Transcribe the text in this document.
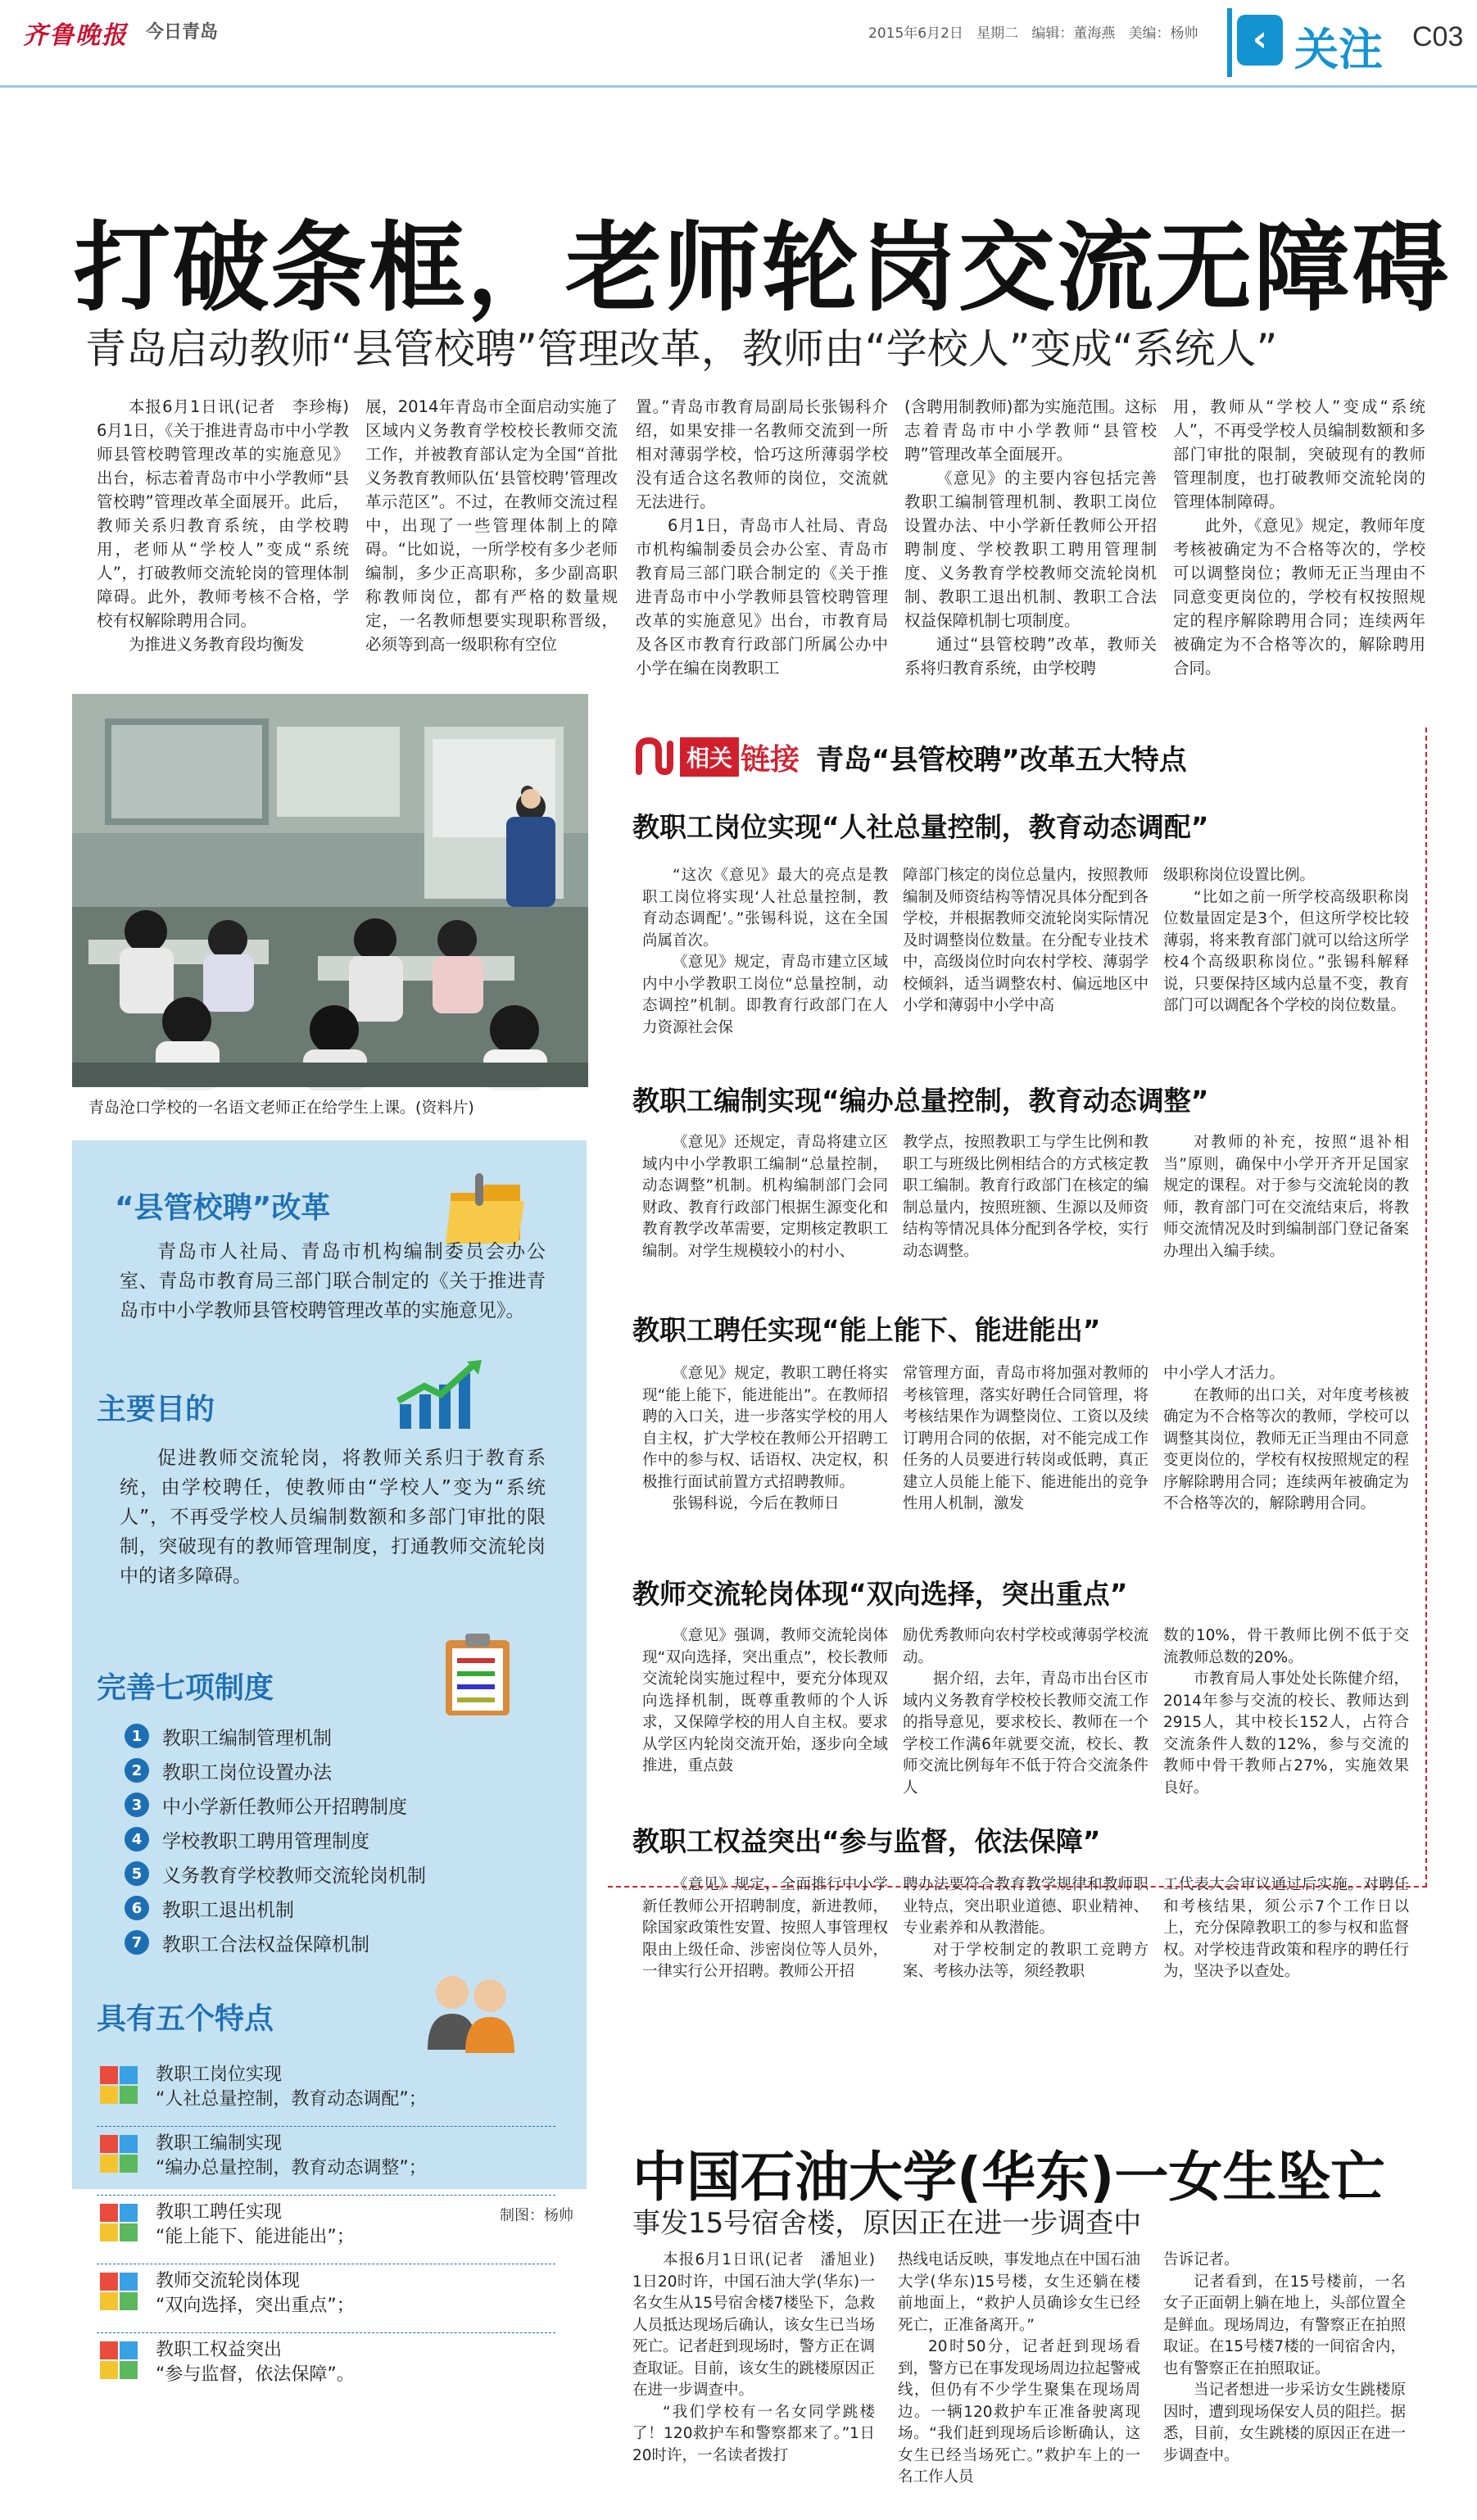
齐鲁晚报 今日青岛	2015年6月2日 星期二 编辑：董海燕 美编：杨帅	‹ 关注 C03
打破条框，老师轮岗交流无障碍
青岛启动教师“县管校聘”管理改革，教师由“学校人”变成“系统人”

本报6月1日讯(记者　李珍梅)　6月1日，《关于推进青岛市中小学教师县管校聘管理改革的实施意见》出台，标志着青岛市中小学教师“县管校聘”管理改革全面展开。此后，教师关系归教育系统，由学校聘用，老师从“学校人”变成“系统人”，打破教师交流轮岗的管理体制障碍。此外，教师考核不合格，学校有权解除聘用合同。

为推进义务教育段均衡发

展，2014年青岛市全面启动实施了区域内义务教育学校校长教师交流工作，并被教育部认定为全国“首批义务教育教师队伍‘县管校聘’管理改革示范区”。不过，在教师交流过程中，出现了一些管理体制上的障碍。“比如说，一所学校有多少老师编制，多少正高职称，多少副高职称教师岗位，都有严格的数量规定，一名教师想要实现职称晋级，必须等到高一级职称有空位

置。”青岛市教育局副局长张锡科介绍，如果安排一名教师交流到一所相对薄弱学校，恰巧这所薄弱学校没有适合这名教师的岗位，交流就无法进行。

6月1日，青岛市人社局、青岛市机构编制委员会办公室、青岛市教育局三部门联合制定的《关于推进青岛市中小学教师县管校聘管理改革的实施意见》出台，市教育局及各区市教育行政部门所属公办中小学在编在岗教职工

(含聘用制教师)都为实施范围。这标志着青岛市中小学教师“县管校聘”管理改革全面展开。

《意见》的主要内容包括完善教职工编制管理机制、教职工岗位设置办法、中小学新任教师公开招聘制度、学校教职工聘用管理制度、义务教育学校教师交流轮岗机制、教职工退出机制、教职工合法权益保障机制七项制度。

通过“县管校聘”改革，教师关系将归教育系统，由学校聘

用，教师从“学校人”变成“系统人”，不再受学校人员编制数额和多部门审批的限制，突破现有的教师管理制度，也打破教师交流轮岗的管理体制障碍。

此外，《意见》规定，教师年度考核被确定为不合格等次的，学校可以调整岗位；教师无正当理由不同意变更岗位的，学校有权按照规定的程序解除聘用合同；连续两年被确定为不合格等次的，解除聘用合同。

青岛沧口学校的一名语文老师正在给学生上课。(资料片)
“县管校聘”改革
青岛市人社局、青岛市机构编制委员会办公室、青岛市教育局三部门联合制定的《关于推进青岛市中小学教师县管校聘管理改革的实施意见》。
主要目的
促进教师交流轮岗，将教师关系归于教育系统，由学校聘任，使教师由“学校人”变为“系统人”，不再受学校人员编制数额和多部门审批的限制，突破现有的教师管理制度，打通教师交流轮岗中的诸多障碍。
完善七项制度
1	教职工编制管理机制
2	教职工岗位设置办法
3	中小学新任教师公开招聘制度
4	学校教职工聘用管理制度
5	义务教育学校教师交流轮岗机制
6	教职工退出机制
7	教职工合法权益保障机制
具有五个特点
教职工岗位实现
“人社总量控制，教育动态调配”；
教职工编制实现
“编办总量控制，教育动态调整”；
教职工聘任实现
“能上能下、能进能出”；
教师交流轮岗体现
“双向选择，突出重点”；
教职工权益突出
“参与监督，依法保障”。
制图：杨帅
相关 链接 青岛“县管校聘”改革五大特点
教职工岗位实现“人社总量控制，教育动态调配”

“这次《意见》最大的亮点是教职工岗位将实现‘人社总量控制，教育动态调配’。”张锡科说，这在全国尚属首次。

《意见》规定，青岛市建立区域内中小学教职工岗位“总量控制，动态调控”机制。即教育行政部门在人力资源社会保

障部门核定的岗位总量内，按照教师编制及师资结构等情况具体分配到各学校，并根据教师交流轮岗实际情况及时调整岗位数量。在分配专业技术中，高级岗位时向农村学校、薄弱学校倾斜，适当调整农村、偏远地区中小学和薄弱中小学中高

级职称岗位设置比例。

“比如之前一所学校高级职称岗位数量固定是3个，但这所学校比较薄弱，将来教育部门就可以给这所学校4个高级职称岗位。”张锡科解释说，只要保持区域内总量不变，教育部门可以调配各个学校的岗位数量。

教职工编制实现“编办总量控制，教育动态调整”

《意见》还规定，青岛将建立区域内中小学教职工编制“总量控制，动态调整”机制。机构编制部门会同财政、教育行政部门根据生源变化和教育教学改革需要，定期核定教职工编制。对学生规模较小的村小、

教学点，按照教职工与学生比例和教职工与班级比例相结合的方式核定教职工编制。教育行政部门在核定的编制总量内，按照班额、生源以及师资结构等情况具体分配到各学校，实行动态调整。

对教师的补充，按照“退补相当”原则，确保中小学开齐开足国家规定的课程。对于参与交流轮岗的教师，教育部门可在交流结束后，将教师交流情况及时到编制部门登记备案办理出入编手续。

教职工聘任实现“能上能下、能进能出”

《意见》规定，教职工聘任将实现“能上能下，能进能出”。在教师招聘的入口关，进一步落实学校的用人自主权，扩大学校在教师公开招聘工作中的参与权、话语权、决定权，积极推行面试前置方式招聘教师。

张锡科说，今后在教师日

常管理方面，青岛市将加强对教师的考核管理，落实好聘任合同管理，将考核结果作为调整岗位、工资以及续订聘用合同的依据，对不能完成工作任务的人员要进行转岗或低聘，真正建立人员能上能下、能进能出的竞争性用人机制，激发

中小学人才活力。

在教师的出口关，对年度考核被确定为不合格等次的教师，学校可以调整其岗位，教师无正当理由不同意变更岗位的，学校有权按照规定的程序解除聘用合同；连续两年被确定为不合格等次的，解除聘用合同。

教师交流轮岗体现“双向选择，突出重点”

《意见》强调，教师交流轮岗体现“双向选择，突出重点”，校长教师交流轮岗实施过程中，要充分体现双向选择机制，既尊重教师的个人诉求，又保障学校的用人自主权。要求从学区内轮岗交流开始，逐步向全域推进，重点鼓

励优秀教师向农村学校或薄弱学校流动。

据介绍，去年，青岛市出台区市域内义务教育学校校长教师交流工作的指导意见，要求校长、教师在一个学校工作满6年就要交流，校长、教师交流比例每年不低于符合交流条件人

数的10%，骨干教师比例不低于交流教师总数的20%。

市教育局人事处处长陈健介绍，2014年参与交流的校长、教师达到2915人，其中校长152人，占符合交流条件人数的12%，参与交流的教师中骨干教师占27%，实施效果良好。

教职工权益突出“参与监督，依法保障”

《意见》规定，全面推行中小学新任教师公开招聘制度，新进教师，除国家政策性安置、按照人事管理权限由上级任命、涉密岗位等人员外，一律实行公开招聘。教师公开招

聘办法要符合教育教学规律和教师职业特点，突出职业道德、职业精神、专业素养和从教潜能。

对于学校制定的教职工竞聘方案、考核办法等，须经教职

工代表大会审议通过后实施。对聘任和考核结果，须公示7个工作日以上，充分保障教职工的参与权和监督权。对学校违背政策和程序的聘任行为，坚决予以查处。

中国石油大学(华东)一女生坠亡
事发15号宿舍楼，原因正在进一步调查中

本报6月1日讯(记者　潘旭业)　1日20时许，中国石油大学(华东)一名女生从15号宿舍楼7楼坠下，急救人员抵达现场后确认，该女生已当场死亡。记者赶到现场时，警方正在调查取证。目前，该女生的跳楼原因正在进一步调查中。

“我们学校有一名女同学跳楼了！120救护车和警察都来了。”1日20时许，一名读者拨打

热线电话反映，事发地点在中国石油大学(华东)15号楼，女生还躺在楼前地面上，“救护人员确诊女生已经死亡，正准备离开。”

20时50分，记者赶到现场看到，警方已在事发现场周边拉起警戒线，但仍有不少学生聚集在现场周边。一辆120救护车正准备驶离现场。“我们赶到现场后诊断确认，这女生已经当场死亡。”救护车上的一名工作人员

告诉记者。

记者看到，在15号楼前，一名女子正面朝上躺在地上，头部位置全是鲜血。现场周边，有警察正在拍照取证。在15号楼7楼的一间宿舍内，也有警察正在拍照取证。

当记者想进一步采访女生跳楼原因时，遭到现场保安人员的阻拦。据悉，目前，女生跳楼的原因正在进一步调查中。
